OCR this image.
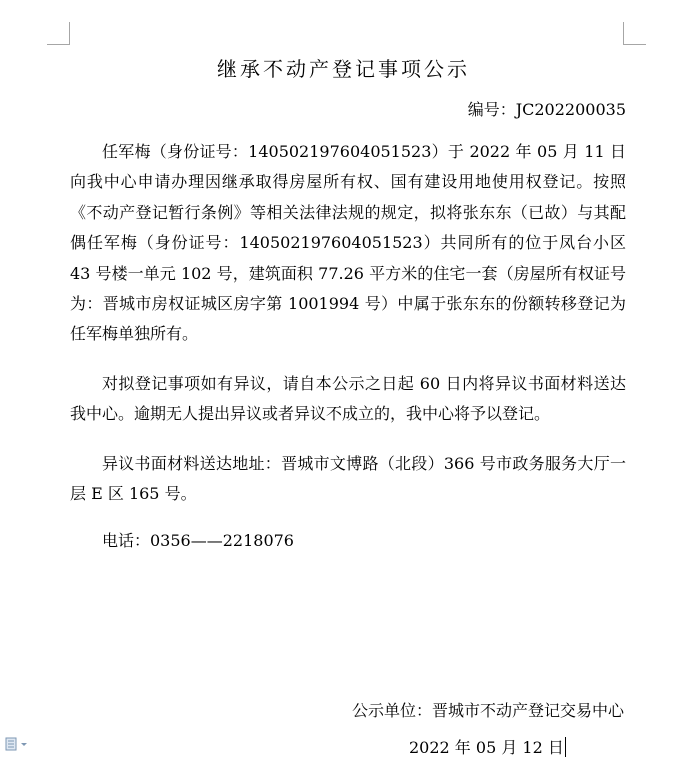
继承不动产登记事项公示
编号：JC202200035

任军梅（身份证号：140502197604051523）于 2022 年 05 月 11 日向我中心申请办理因继承取得房屋所有权、国有建设用地使用权登记。按照《不动产登记暂行条例》等相关法律法规的规定，拟将张东东（已故）与其配偶任军梅（身份证号：140502197604051523）共同所有的位于凤台小区 43 号楼一单元 102 号，建筑面积 77.26 平方米的住宅一套（房屋所有权证号为：晋城市房权证城区房字第 1001994 号）中属于张东东的份额转移登记为任军梅单独所有。

对拟登记事项如有异议，请自本公示之日起 60 日内将异议书面材料送达我中心。逾期无人提出异议或者异议不成立的，我中心将予以登记。

异议书面材料送达地址：晋城市文博路（北段）366 号市政务服务大厅一层 E 区 165 号。

电话：0356——2218076

公示单位：晋城市不动产登记交易中心
2022 年 05 月 12 日
